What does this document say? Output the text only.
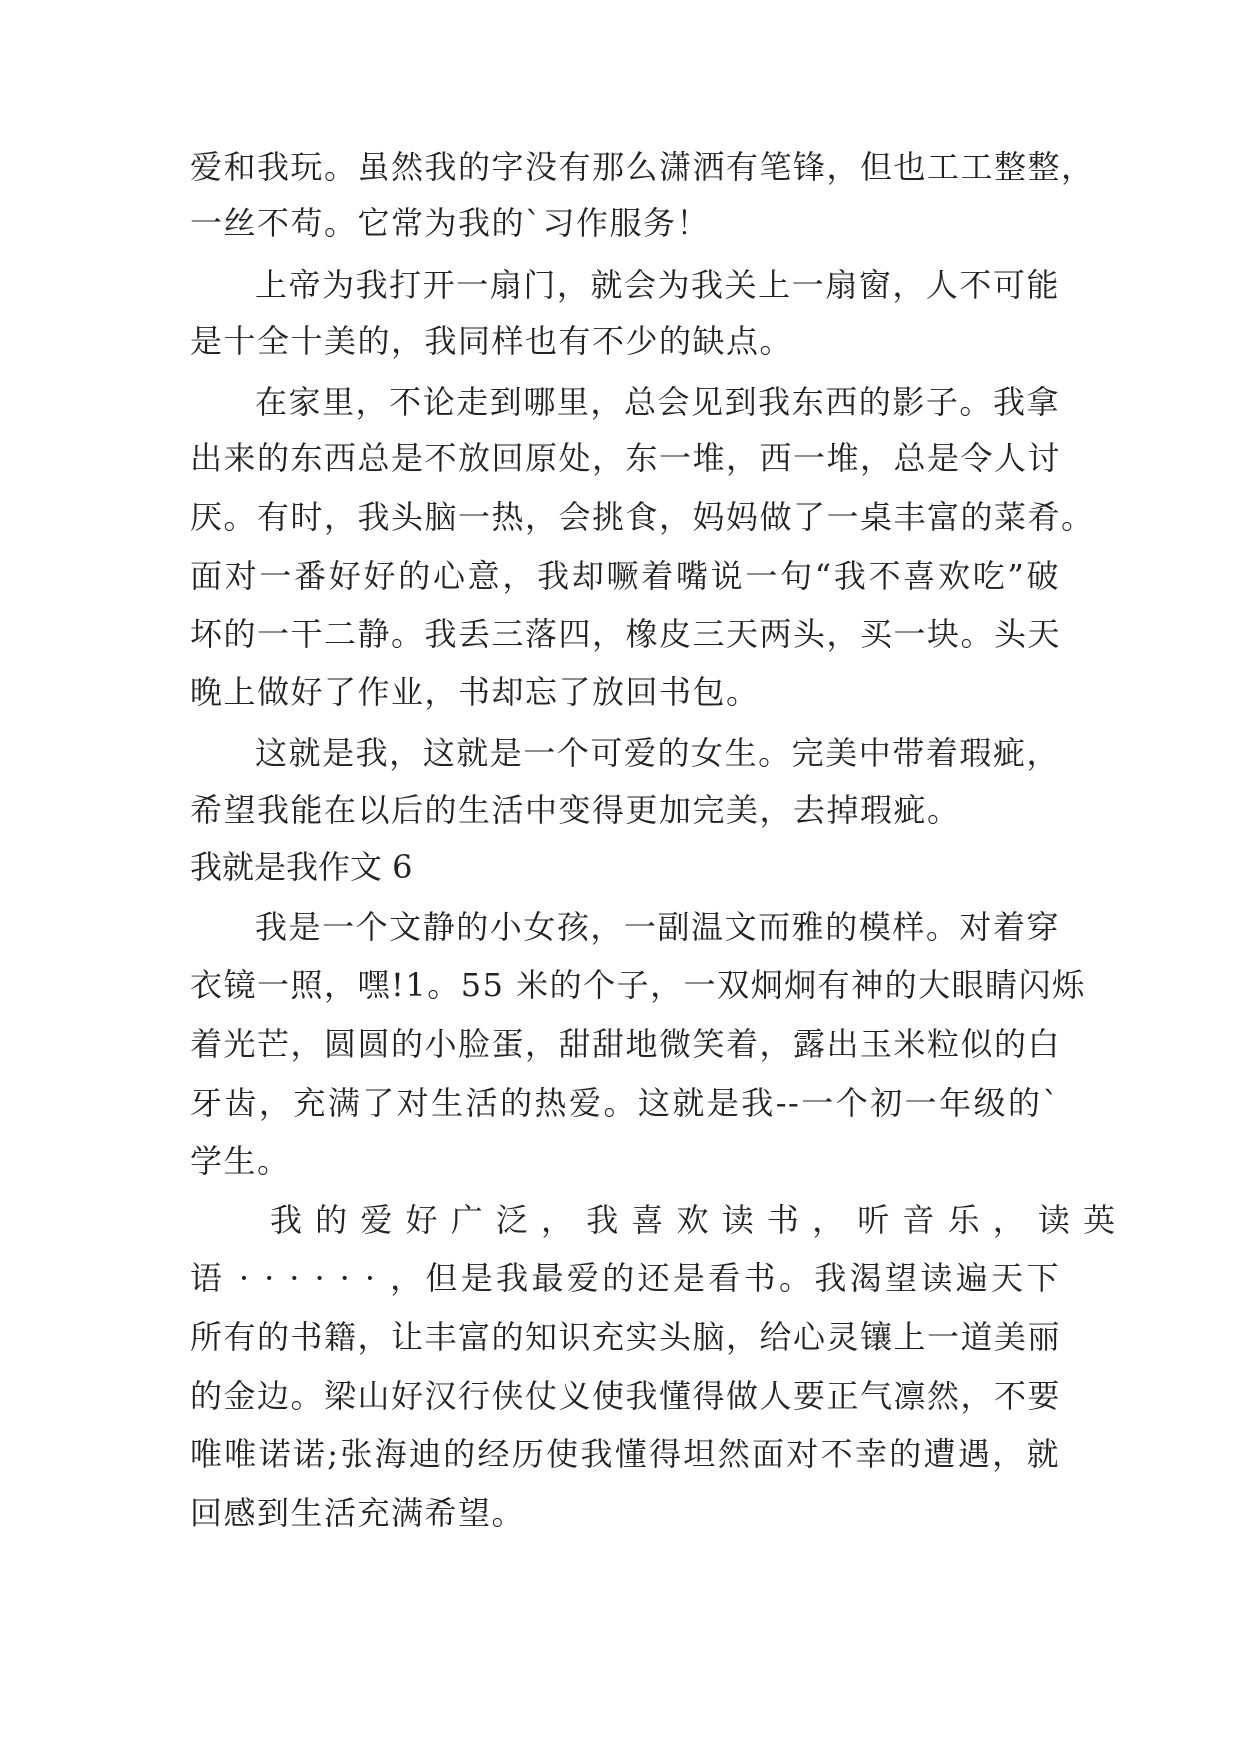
爱和我玩。虽然我的字没有那么潇洒有笔锋，但也工工整整，
一丝不苟。它常为我的`习作服务！
上帝为我打开一扇门，就会为我关上一扇窗，人不可能
是十全十美的，我同样也有不少的缺点。
在家里，不论走到哪里，总会见到我东西的影子。我拿
出来的东西总是不放回原处，东一堆，西一堆，总是令人讨
厌。有时，我头脑一热，会挑食，妈妈做了一桌丰富的菜肴。
面对一番好好的心意，我却噘着嘴说一句“我不喜欢吃”破
坏的一干二静。我丢三落四，橡皮三天两头，买一块。头天
晚上做好了作业，书却忘了放回书包。
这就是我，这就是一个可爱的女生。完美中带着瑕疵，
希望我能在以后的生活中变得更加完美，去掉瑕疵。
我就是我作文 6
我是一个文静的小女孩，一副温文而雅的模样。对着穿
衣镜一照，嘿!1。55 米的个子，一双炯炯有神的大眼睛闪烁
着光芒，圆圆的小脸蛋，甜甜地微笑着，露出玉米粒似的白
牙齿，充满了对生活的热爱。这就是我--一个初一年级的`
学生。
我 的 爱 好 广 泛 ， 我 喜 欢 读 书 ， 听 音 乐 ， 读 英
语 · · · · · · ，但是我最爱的还是看书。我渴望读遍天下
所有的书籍，让丰富的知识充实头脑，给心灵镶上一道美丽
的金边。梁山好汉行侠仗义使我懂得做人要正气凛然，不要
唯唯诺诺;张海迪的经历使我懂得坦然面对不幸的遭遇，就
回感到生活充满希望。
